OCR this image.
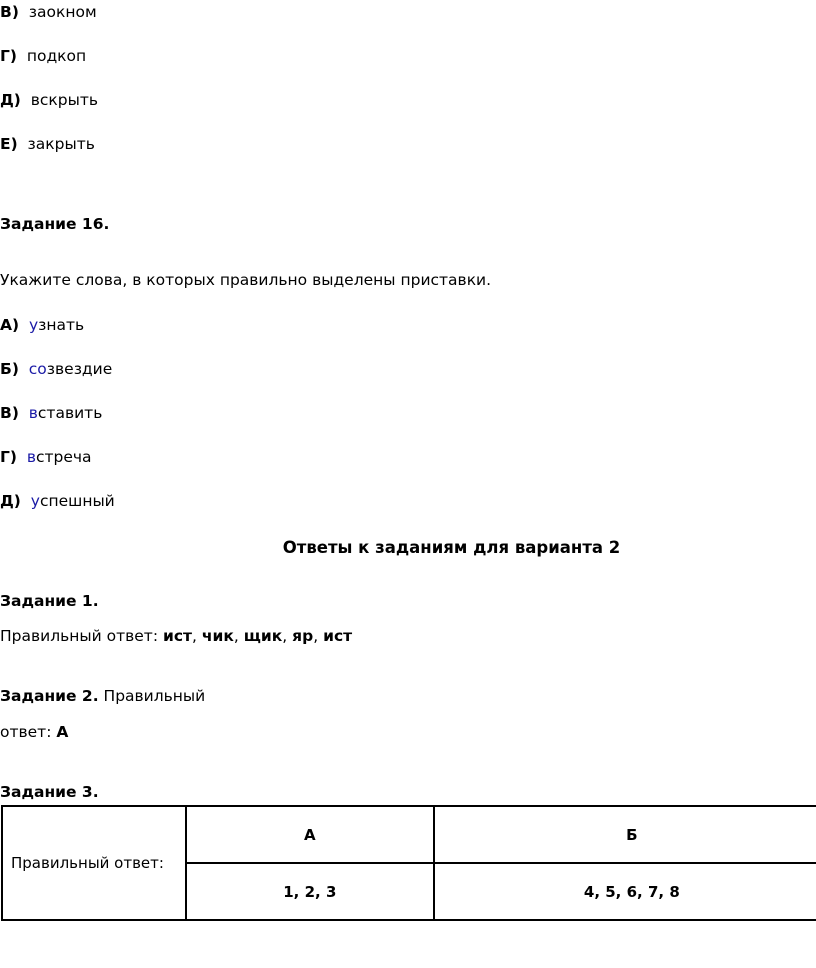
В) заокном
Г) подкоп
Д) вскрыть
Е) закрыть
Задание 16.
Укажите слова, в которых правильно выделены приставки.
А) узнать
Б) созвездие
В) вставить
Г) встреча
Д) успешный
Ответы к заданиям для варианта 2
Задание 1.
Правильный ответ: ист, чик, щик, яр, ист
Задание 2. Правильный
ответ: А
Задание 3.
Правильный ответ:	А	Б
	1, 2, 3	4, 5, 6, 7, 8
